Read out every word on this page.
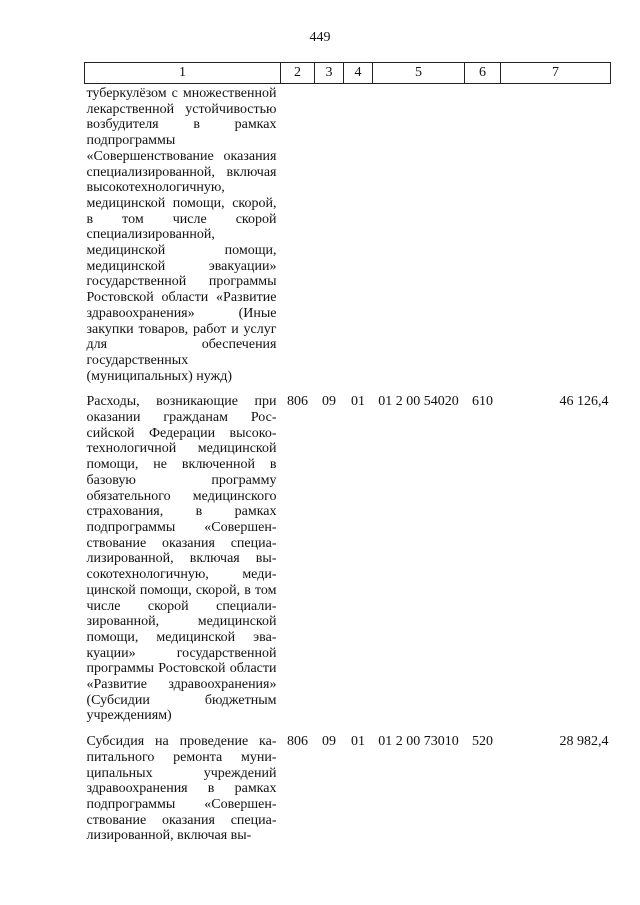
449
1	2	3	4	5	6	7
туберкулёзом с множественной лекарственной устойчивостью возбудителя в рамках подпрограммы «Совершенствование оказания специализированной, включая высокотехнологичную, медицинской помощи, скорой, в том числе скорой специализированной, медицинской помощи, медицинской эвакуации» государственной программы Ростовской области «Развитие здравоохранения» (Иные закупки товаров, работ и услуг для обеспечения государственных (муниципальных) нужд)						
Расходы, возникающие при оказании гражданам Российской Федерации высокотехнологичной медицинской помощи, не включенной в базовую программу обязательного медицинского страхования, в рамках подпрограммы «Совершенствование оказания специализированной, включая высокотехнологичную, медицинской помощи, скорой, в том числе скорой специализированной, медицинской помощи, медицинской эвакуации» государственной программы Ростовской области «Развитие здравоохранения» (Субсидии бюджетным учреждениям)	806	09	01	01 2 00 54020	610	46 126,4
Субсидия на проведение капитального ремонта муниципальных учреждений здравоохранения в рамках подпрограммы «Совершенствование оказания специализированной, включая вы-	806	09	01	01 2 00 73010	520	28 982,4
